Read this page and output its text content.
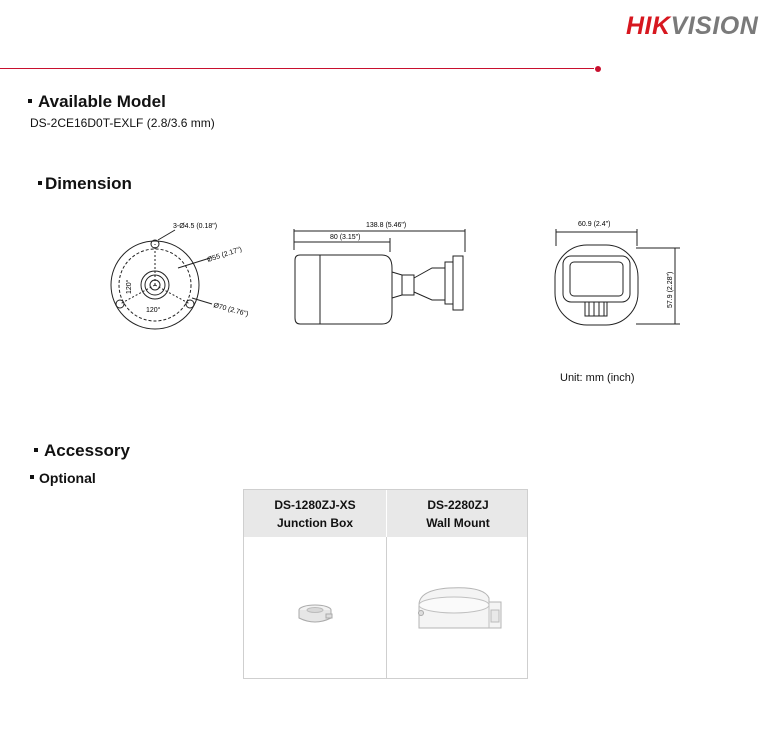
HIKVISION
Available Model
DS-2CE16D0T-EXLF (2.8/3.6 mm)
Dimension
3-Ø4.5 (0.18")
Ø55 (2.17")
Ø70 (2.76")
120°
120°
138.8 (5.46")
80 (3.15")
60.9 (2.4")
57.9 (2.28")
Unit: mm (inch)
Accessory
Optional
DS-1280ZJ-XS
Junction Box
DS-2280ZJ
Wall Mount
